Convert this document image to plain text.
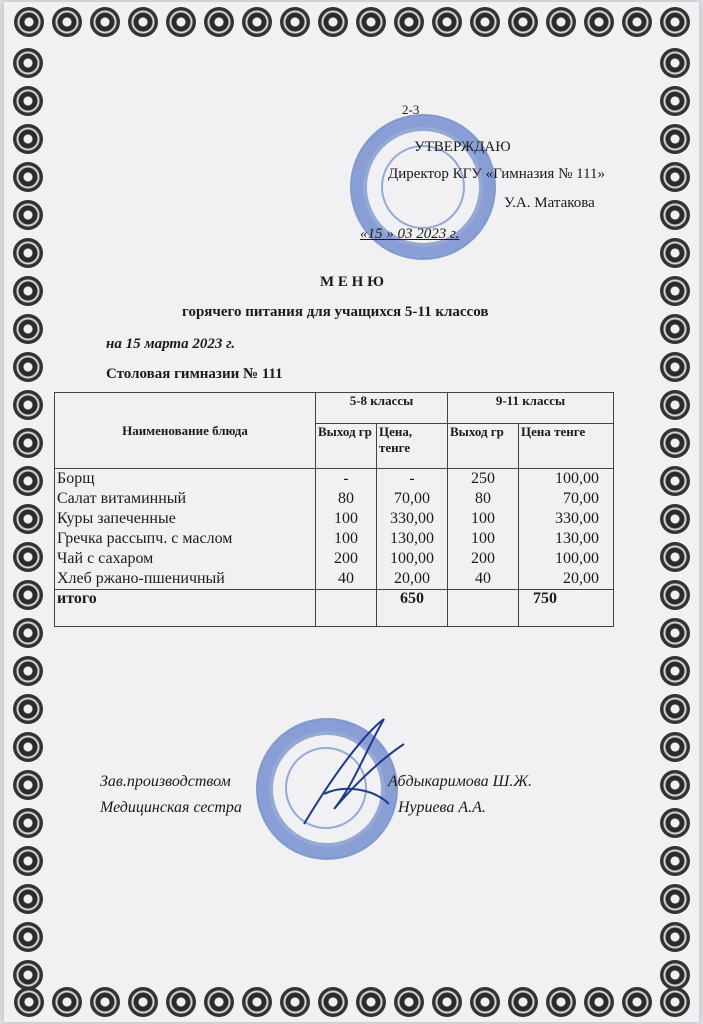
2-3
УТВЕРЖДАЮ
Директор КГУ «Гимназия № 111»
У.А. Матакова
«15 » 03 2023 г.
М Е Н Ю
горячего питания для учащихся 5-11 классов
на 15 марта 2023 г.
Столовая гимназии № 111
Наименование блюда	5-8 классы		9-11 классы	
	Выход гр	Цена, тенге	Выход гр	Цена тенге
Борщ	-	-	250	100,00
Салат витаминный	80	70,00	80	70,00
Куры запеченные	100	330,00	100	330,00
Гречка рассыпч. с маслом	100	130,00	100	130,00
Чай с сахаром	200	100,00	200	100,00
Хлеб ржано-пшеничный	40	20,00	40	20,00
итого		650		750
Зав.производством	Абдыкаримова Ш.Ж.
Медицинская сестра	Нуриева А.А.
